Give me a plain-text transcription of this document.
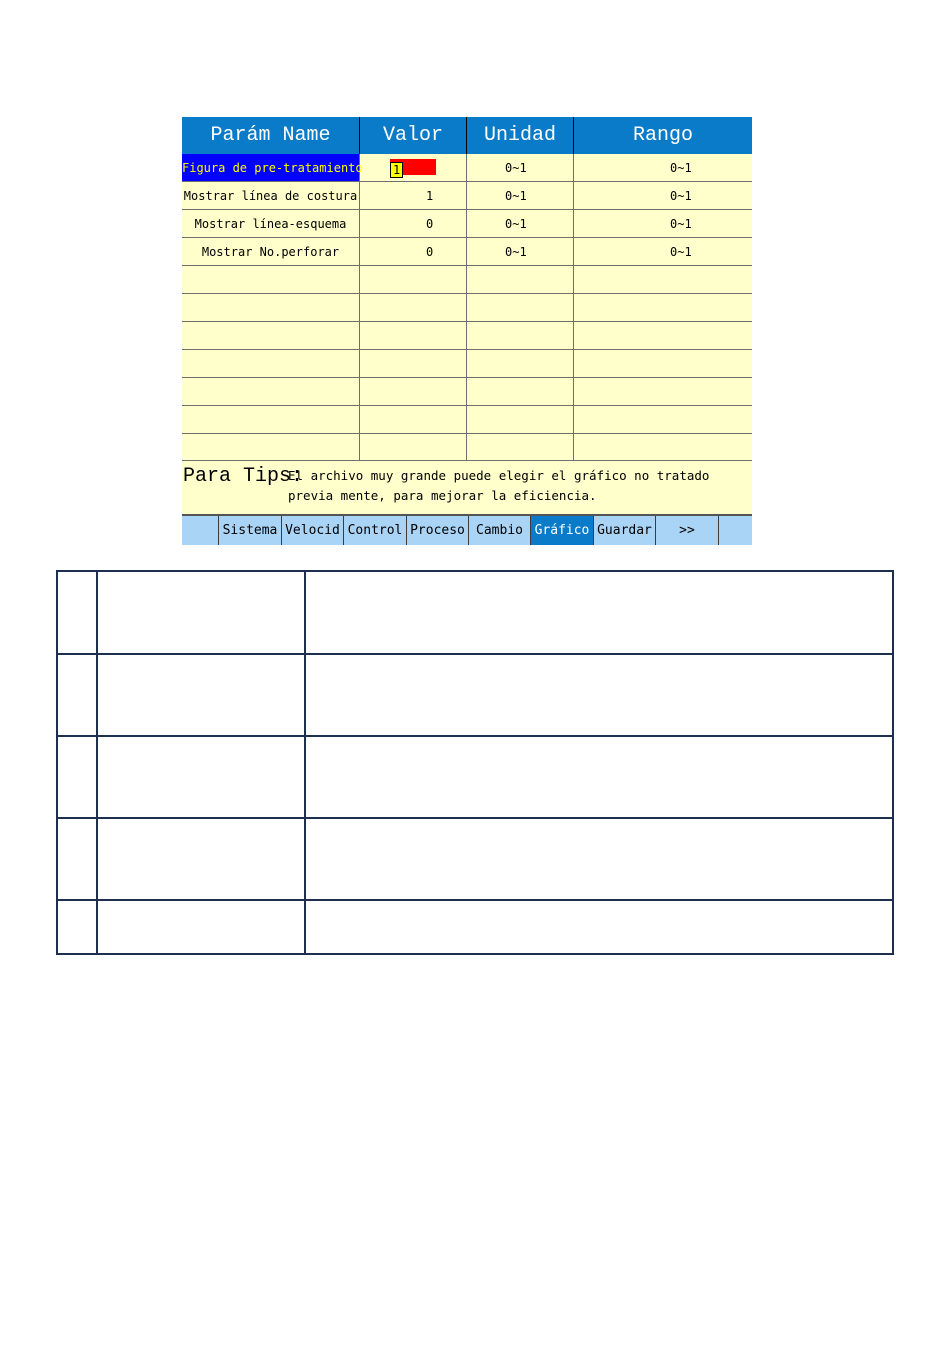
Parám Name	Valor	Unidad	Rango
Figura de pre-tratamiento	1	0~1	0~1
Mostrar línea de costura	1	0~1	0~1
Mostrar línea-esquema	0	0~1	0~1
Mostrar No.perforar	0	0~1	0~1
Para Tips:
El archivo muy grande puede elegir el gráfico no tratado previa mente, para mejorar la eficiencia.
Sistema Velocid Control Proceso Cambio Gráfico Guardar	>>
